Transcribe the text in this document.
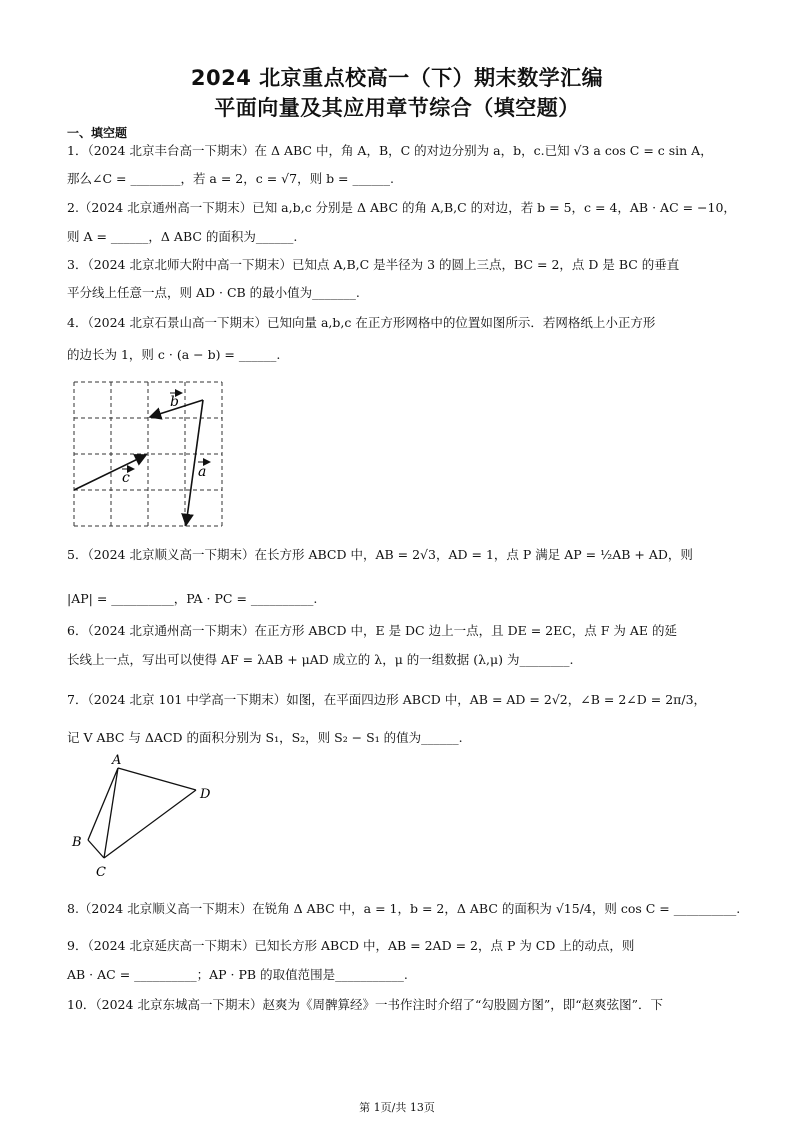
2024 北京重点校高一（下）期末数学汇编
平面向量及其应用章节综合（填空题）
一、填空题
1．（2024 北京丰台高一下期末）在 Δ ABC 中，角 A，B，C 的对边分别为 a，b，c.已知 √3 a cos C = c sin A，
那么∠C = ________，若 a = 2，c = √7，则 b = ______.
2.（2024 北京通州高一下期末）已知 a,b,c 分别是 Δ ABC 的角 A,B,C 的对边，若 b = 5，c = 4，AB · AC = −10，
则 A = ______，Δ ABC 的面积为______.
3．（2024 北京北师大附中高一下期末）已知点 A,B,C 是半径为 3 的圆上三点，BC = 2，点 D 是 BC 的垂直
平分线上任意一点，则 AD · CB 的最小值为_______.
4．（2024 北京石景山高一下期末）已知向量 a,b,c 在正方形网格中的位置如图所示．若网格纸上小正方形
的边长为 1，则 c · (a − b) = ______.
b
a
c
5．（2024 北京顺义高一下期末）在长方形 ABCD 中，AB = 2√3，AD = 1，点 P 满足 AP = ½AB + AD，则
|AP| = __________，PA · PC = __________.
6．（2024 北京通州高一下期末）在正方形 ABCD 中，E 是 DC 边上一点，且 DE = 2EC，点 F 为 AE 的延
长线上一点，写出可以使得 AF = λAB + μAD 成立的 λ，μ 的一组数据 (λ,μ) 为________.
7．（2024 北京 101 中学高一下期末）如图，在平面四边形 ABCD 中，AB = AD = 2√2，∠B = 2∠D = 2π/3，
记 V ABC 与 ΔACD 的面积分别为 S₁，S₂，则 S₂ − S₁ 的值为______.
A
B
C
D
8.（2024 北京顺义高一下期末）在锐角 Δ ABC 中，a = 1，b = 2，Δ ABC 的面积为 √15/4，则 cos C = __________.
9．（2024 北京延庆高一下期末）已知长方形 ABCD 中，AB = 2AD = 2，点 P 为 CD 上的动点，则
AB · AC = __________；AP · PB 的取值范围是___________.
10．（2024 北京东城高一下期末）赵爽为《周髀算经》一书作注时介绍了“勾股圆方图”，即“赵爽弦图”．下
第 1页/共 13页
